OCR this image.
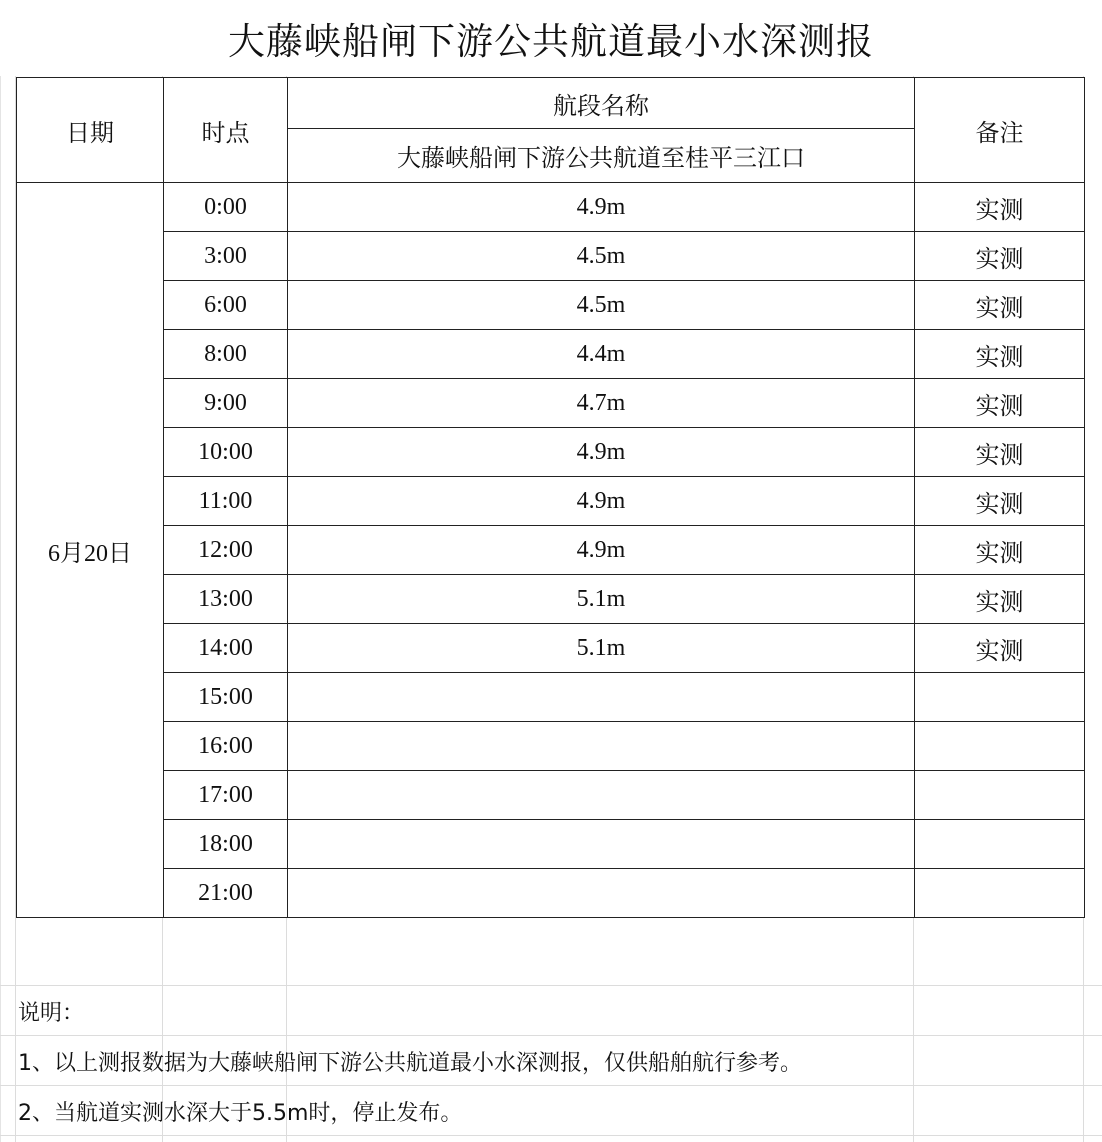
大藤峡船闸下游公共航道最小水深测报
日期	时点	航段名称	备注
		大藤峡船闸下游公共航道至桂平三江口	
6月20日	0:00	4.9m	实测
	3:00	4.5m	实测
	6:00	4.5m	实测
	8:00	4.4m	实测
	9:00	4.7m	实测
	10:00	4.9m	实测
	11:00	4.9m	实测
	12:00	4.9m	实测
	13:00	5.1m	实测
	14:00	5.1m	实测
	15:00		
	16:00		
	17:00		
	18:00		
	21:00		
说明：
1、以上测报数据为大藤峡船闸下游公共航道最小水深测报，仅供船舶航行参考。
2、当航道实测水深大于5.5m时，停止发布。
